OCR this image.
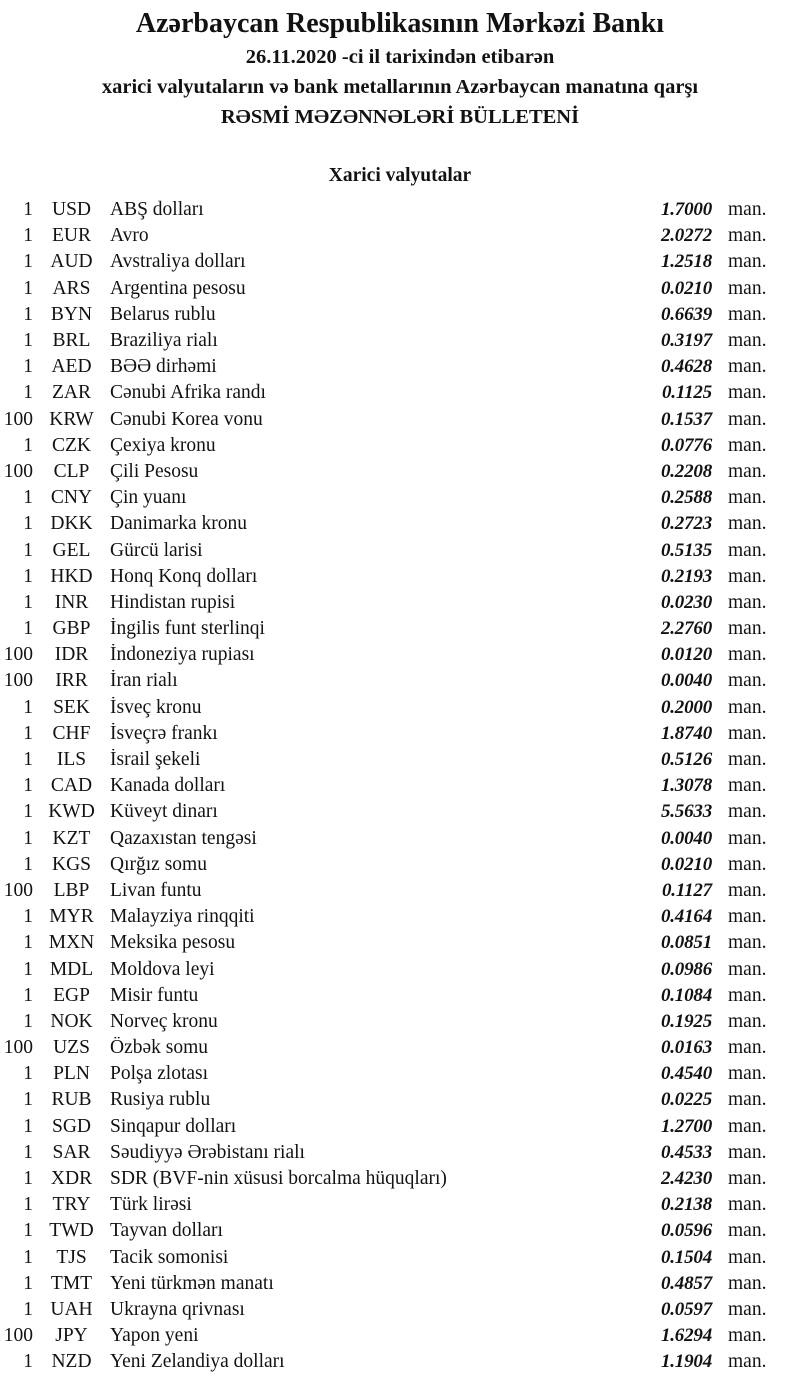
Azərbaycan Respublikasının Mərkəzi Bankı
26.11.2020 -ci il tarixindən etibarən
xarici valyutaların və bank metallarının Azərbaycan manatına qarşı
RƏSMİ MƏZƏNNƏLƏRİ BÜLLETENİ
Xarici valyutalar
1 USD ABŞ dolları	1.7000 man.
1 EUR Avro	2.0272 man.
1 AUD Avstraliya dolları	1.2518 man.
1	ARS	Argentina pesosu	0.0210 man.
1 BYN Belarus rublu	0.6639 man.
1	BRL	Braziliya rialı	0.3197 man.
1 AED BƏƏ dirhəmi	0.4628 man.
1 ZAR Cənubi Afrika randı	0.1125 man.
100 KRW Cənubi Korea vonu	0.1537 man.
1 CZK Çexiya kronu	0.0776 man.
100	CLP	Çili Pesosu	0.2208 man.
1 CNY Çin yuanı	0.2588 man.
1 DKK Danimarka kronu	0.2723 man.
1	GEL	Gürcü larisi	0.5135 man.
1 HKD Honq Konq dolları	0.2193 man.
1	INR	Hindistan rupisi	0.0230 man.
1	GBP	İngilis funt sterlinqi	2.2760 man.
100	IDR	İndoneziya rupiası	0.0120 man.
100	IRR	İran rialı	0.0040 man.
1	SEK	İsveç kronu	0.2000 man.
1	CHF	İsveçrə frankı	1.8740 man.
1	ILS	İsrail şekeli	0.5126 man.
1 CAD Kanada dolları	1.3078 man.
1 KWD Küveyt dinarı	5.5633 man.
1	KZT	Qazaxıstan tengəsi	0.0040 man.
1 KGS Qırğız somu	0.0210 man.
100	LBP	Livan funtu	0.1127 man.
1 MYR Malayziya rinqqiti	0.4164 man.
1 MXN Meksika pesosu	0.0851 man.
1 MDL Moldova leyi	0.0986 man.
1	EGP	Misir funtu	0.1084 man.
1 NOK Norveç kronu	0.1925 man.
100	UZS	Özbək somu	0.0163 man.
1	PLN	Polşa zlotası	0.4540 man.
1 RUB Rusiya rublu	0.0225 man.
1 SGD Sinqapur dolları	1.2700 man.
1	SAR	Səudiyyə Ərəbistanı rialı	0.4533 man.
1 XDR SDR (BVF-nin xüsusi borcalma hüquqları)	2.4230 man.
1	TRY	Türk lirəsi	0.2138 man.
1 TWD Tayvan dolları	0.0596 man.
1	TJS	Tacik somonisi	0.1504 man.
1 TMT Yeni türkmən manatı	0.4857 man.
1 UAH Ukrayna qrivnası	0.0597 man.
100	JPY	Yapon yeni	1.6294 man.
1 NZD Yeni Zelandiya dolları	1.1904 man.
